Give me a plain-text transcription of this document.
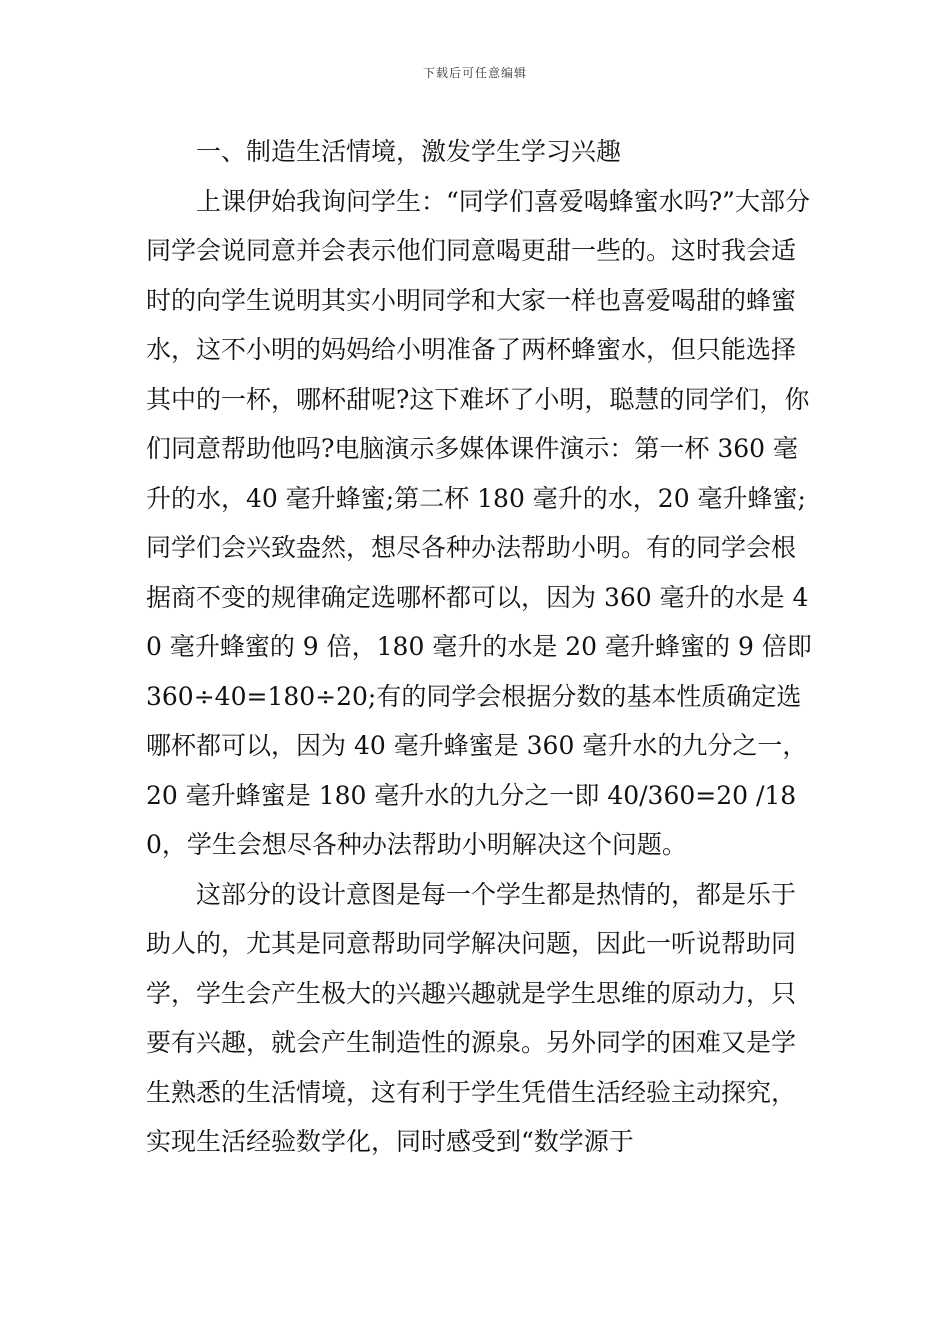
下载后可任意编辑

一、制造生活情境，激发学生学习兴趣

上课伊始我询问学生：“同学们喜爱喝蜂蜜水吗?”大部分同学会说同意并会表示他们同意喝更甜一些的。这时我会适时的向学生说明其实小明同学和大家一样也喜爱喝甜的蜂蜜水，这不小明的妈妈给小明准备了两杯蜂蜜水，但只能选择其中的一杯，哪杯甜呢?这下难坏了小明，聪慧的同学们，你们同意帮助他吗?电脑演示多媒体课件演示：第一杯 360 毫升的水，40 毫升蜂蜜;第二杯 180 毫升的水，20 毫升蜂蜜;同学们会兴致盎然，想尽各种办法帮助小明。有的同学会根据商不变的规律确定选哪杯都可以，因为 360 毫升的水是 40 毫升蜂蜜的 9 倍，180 毫升的水是 20 毫升蜂蜜的 9 倍即 360÷40=180÷20;有的同学会根据分数的基本性质确定选哪杯都可以，因为 40 毫升蜂蜜是 360 毫升水的九分之一，20 毫升蜂蜜是 180 毫升水的九分之一即 40/360=20 /180，学生会想尽各种办法帮助小明解决这个问题。

这部分的设计意图是每一个学生都是热情的，都是乐于助人的，尤其是同意帮助同学解决问题，因此一听说帮助同学，学生会产生极大的兴趣兴趣就是学生思维的原动力，只要有兴趣，就会产生制造性的源泉。另外同学的困难又是学生熟悉的生活情境，这有利于学生凭借生活经验主动探究，实现生活经验数学化，同时感受到“数学源于
